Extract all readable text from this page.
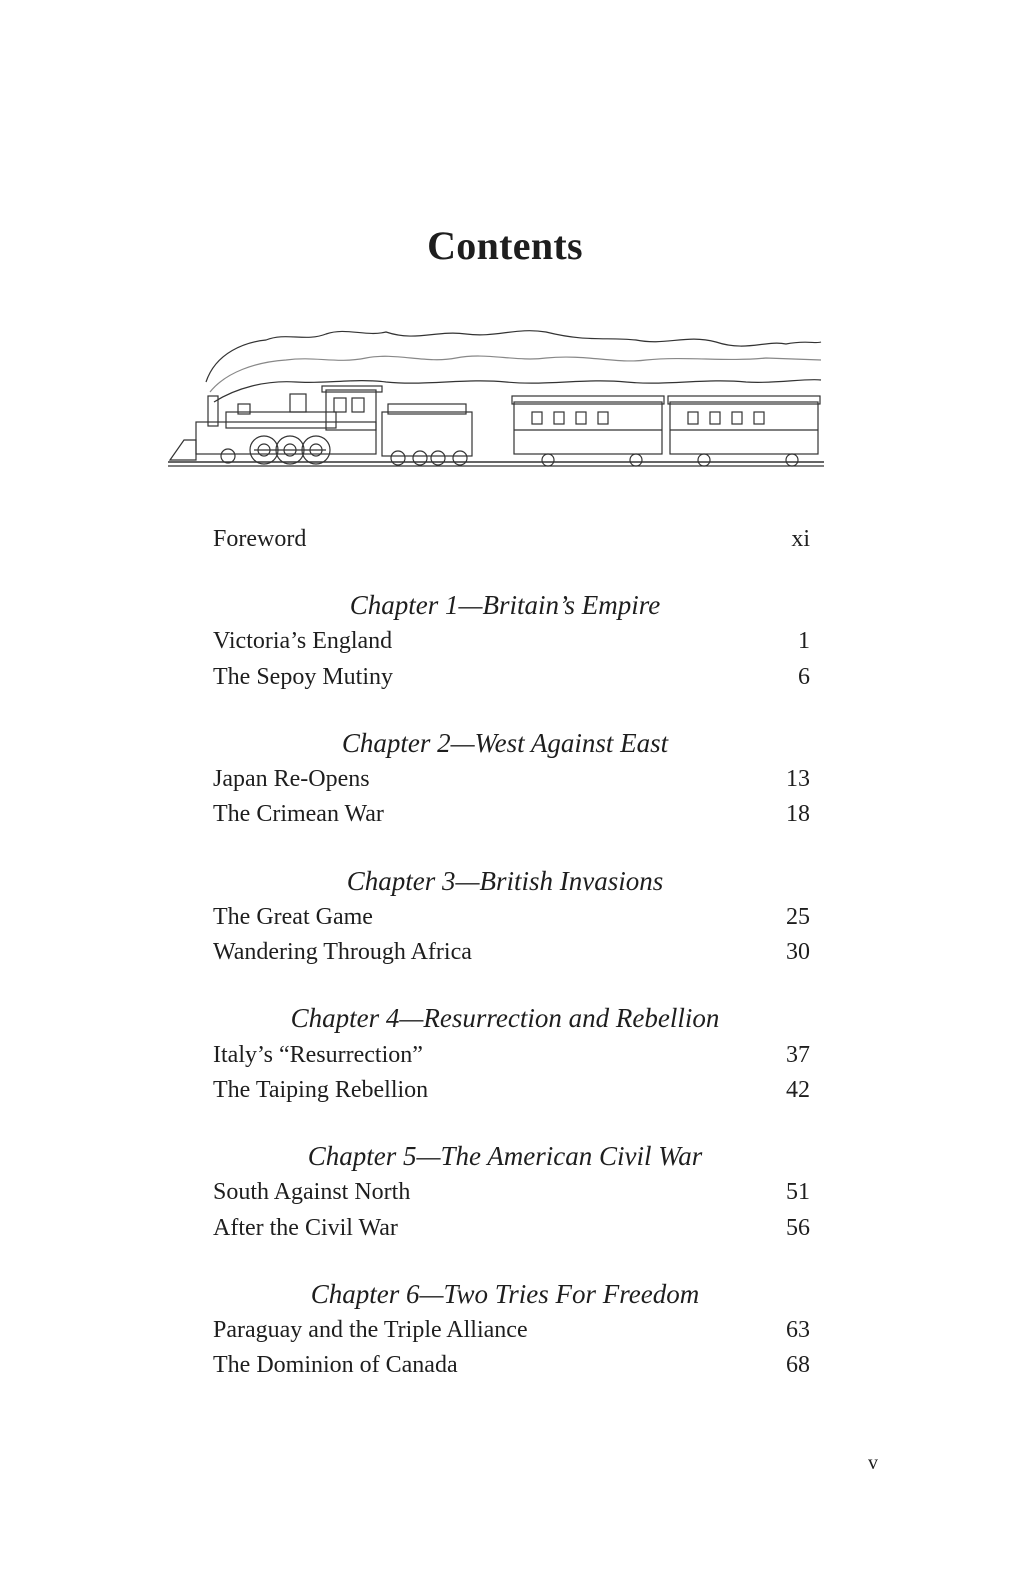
Contents
Foreword	xi
Chapter 1—Britain’s Empire
Victoria’s England	1
The Sepoy Mutiny	6
Chapter 2—West Against East
Japan Re-Opens	13
The Crimean War	18
Chapter 3—British Invasions
The Great Game	25
Wandering Through Africa	30
Chapter 4—Resurrection and Rebellion
Italy’s “Resurrection”	37
The Taiping Rebellion	42
Chapter 5—The American Civil War
South Against North	51
After the Civil War	56
Chapter 6—Two Tries For Freedom
Paraguay and the Triple Alliance	63
The Dominion of Canada	68
v
